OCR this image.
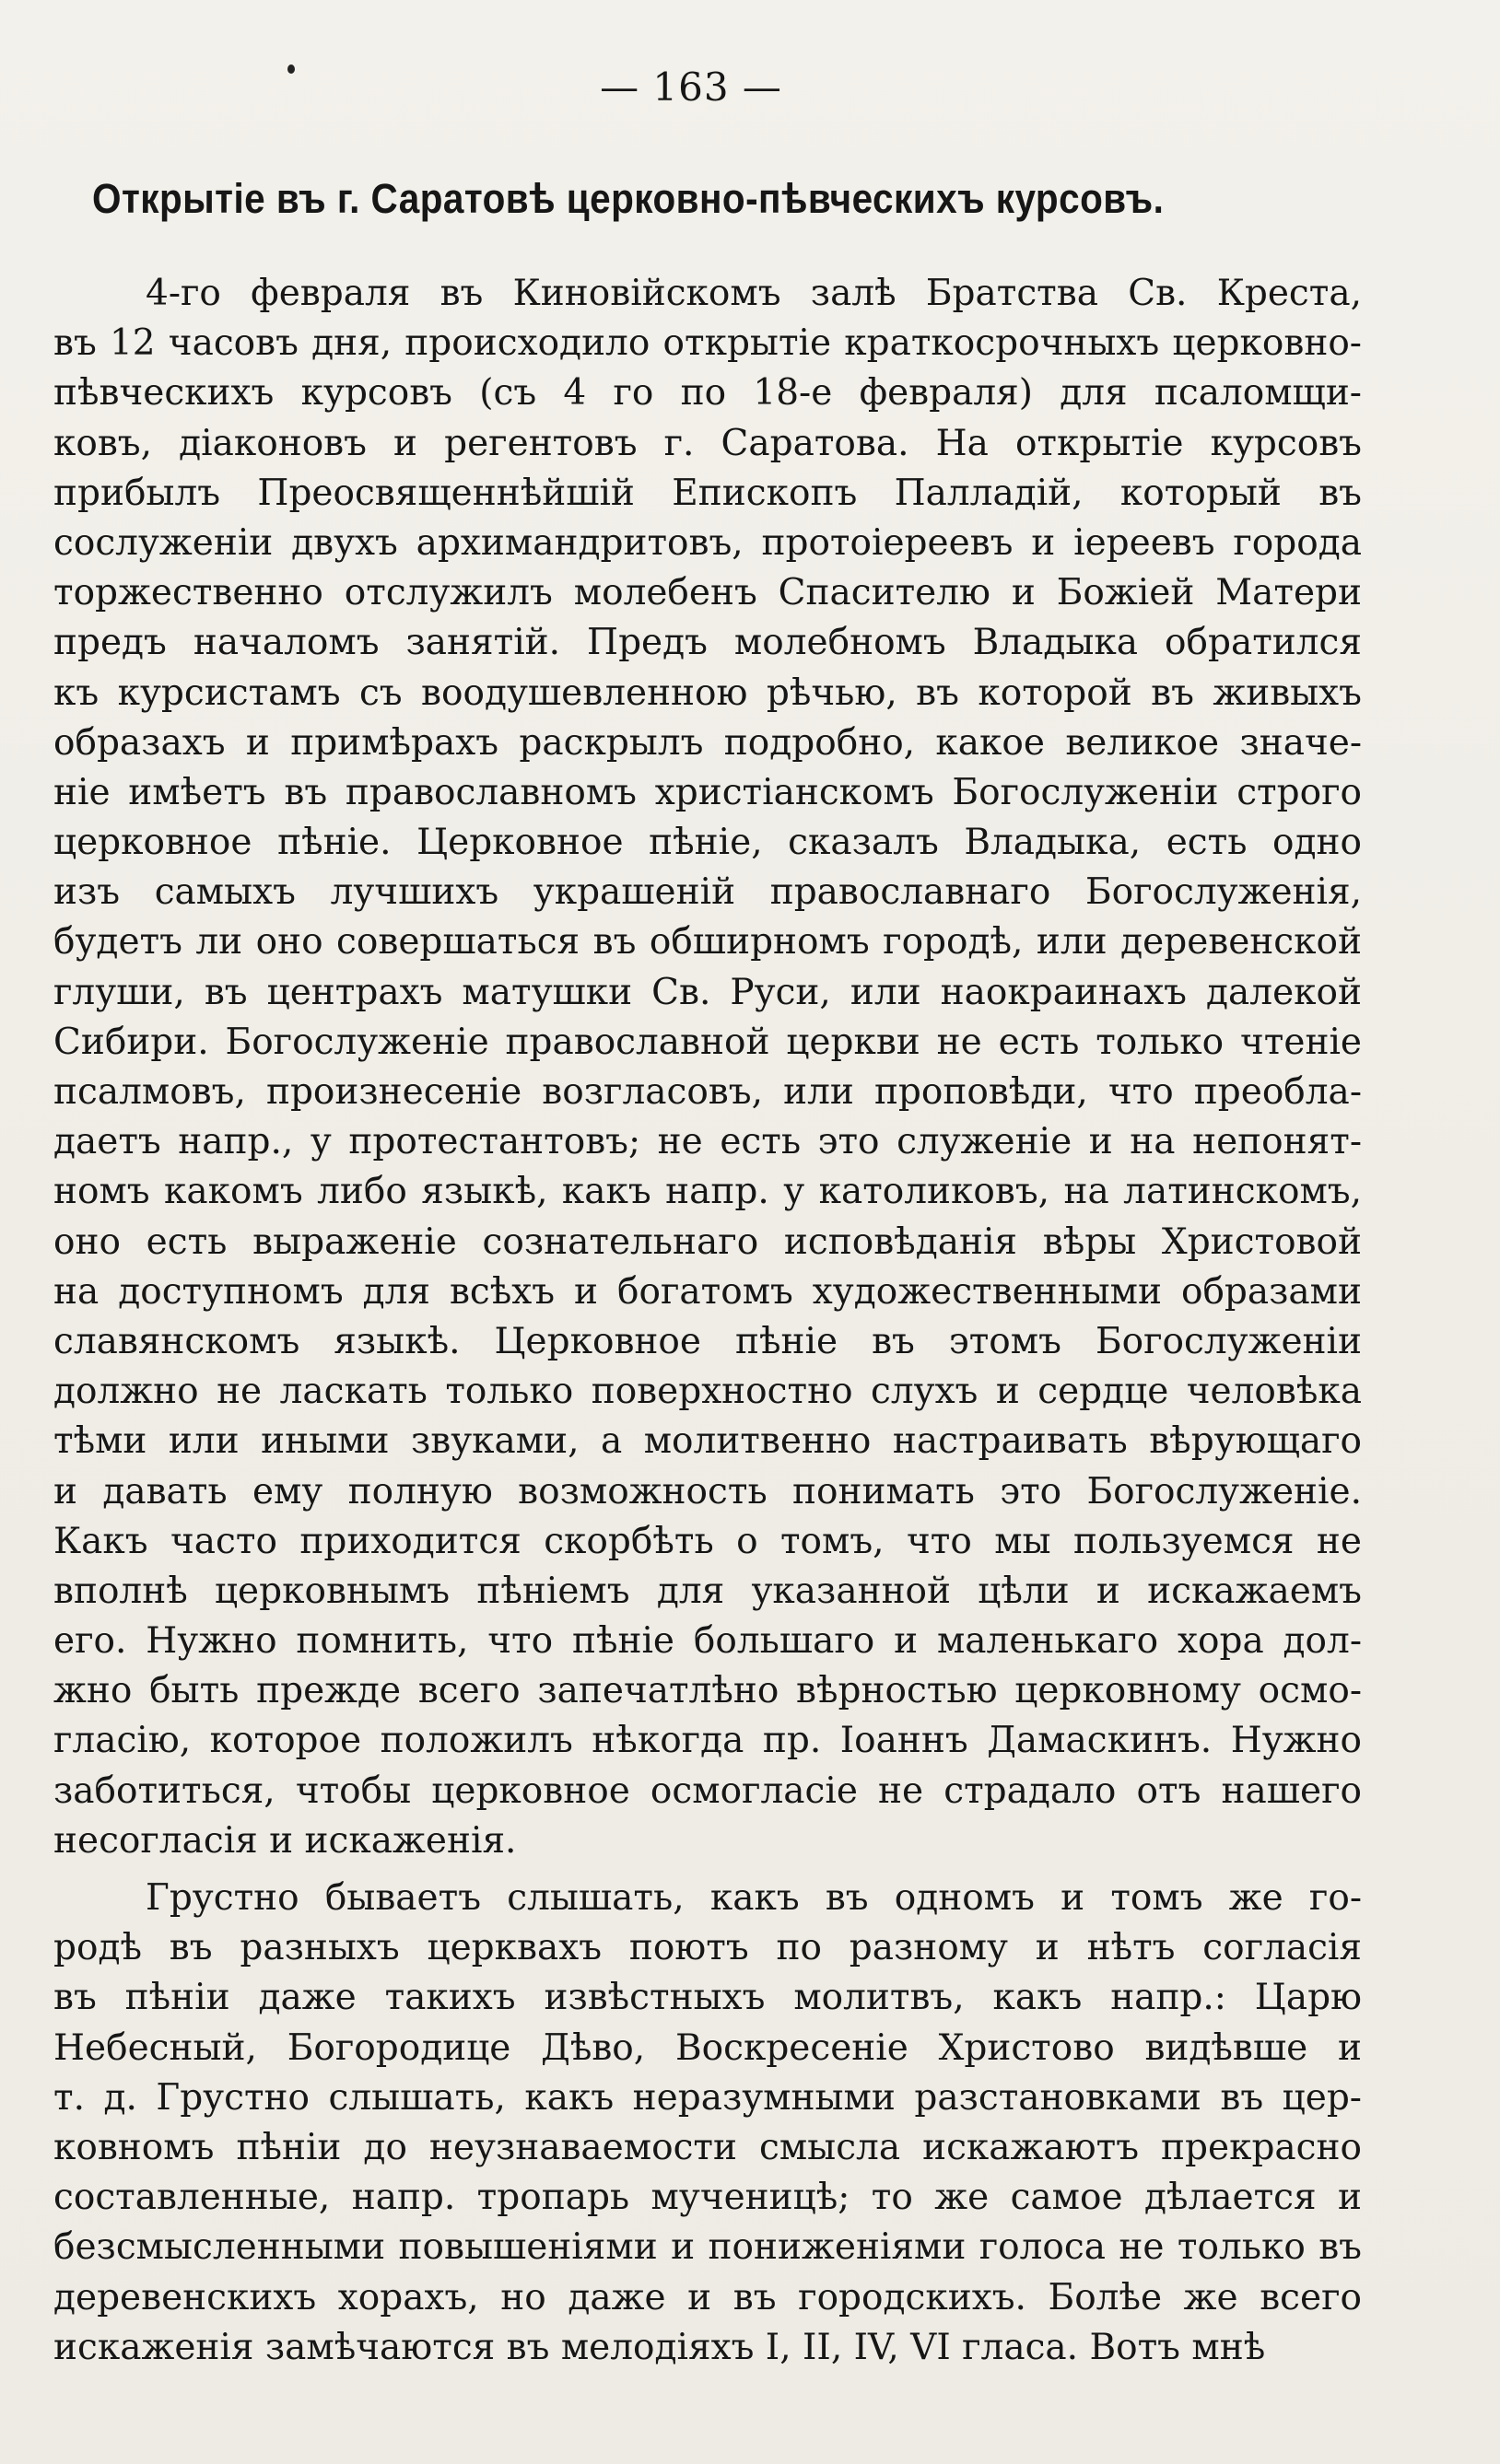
— 163 —
Открытіе въ г. Саратовѣ церковно-пѣвческихъ курсовъ.
4-го февраля въ Киновійскомъ залѣ Братства Св. Креста,
въ 12 часовъ дня, происходило открытіе краткосрочныхъ церковно-
пѣвческихъ курсовъ (съ 4 го по 18-е февраля) для псаломщи-
ковъ, діаконовъ и регентовъ г. Саратова. На открытіе курсовъ
прибылъ Преосвященнѣйшій Епископъ Палладій, который въ
сослуженіи двухъ архимандритовъ, протоіереевъ и іереевъ города
торжественно отслужилъ молебенъ Спасителю и Божіей Матери
предъ началомъ занятій. Предъ молебномъ Владыка обратился
къ курсистамъ съ воодушевленною рѣчью, въ которой въ живыхъ
образахъ и примѣрахъ раскрылъ подробно, какое великое значе-
ніе имѣетъ въ православномъ христіанскомъ Богослуженіи строго
церковное пѣніе. Церковное пѣніе, сказалъ Владыка, есть одно
изъ самыхъ лучшихъ украшеній православнаго Богослуженія,
будетъ ли оно совершаться въ обширномъ городѣ, или деревенской
глуши, въ центрахъ матушки Св. Руси, или наокраинахъ далекой
Сибири. Богослуженіе православной церкви не есть только чтеніе
псалмовъ, произнесеніе возгласовъ, или проповѣди, что преобла-
даетъ напр., у протестантовъ; не есть это служеніе и на непонят-
номъ какомъ либо языкѣ, какъ напр. у католиковъ, на латинскомъ,
оно есть выраженіе сознательнаго исповѣданія вѣры Христовой
на доступномъ для всѣхъ и богатомъ художественными образами
славянскомъ языкѣ. Церковное пѣніе въ этомъ Богослуженіи
должно не ласкать только поверхностно слухъ и сердце человѣка
тѣми или иными звуками, а молитвенно настраивать вѣрующаго
и давать ему полную возможность понимать это Богослуженіе.
Какъ часто приходится скорбѣть о томъ, что мы пользуемся не
вполнѣ церковнымъ пѣніемъ для указанной цѣли и искажаемъ
его. Нужно помнить, что пѣніе большаго и маленькаго хора дол-
жно быть прежде всего запечатлѣно вѣрностью церковному осмо-
гласію, которое положилъ нѣкогда пр. Іоаннъ Дамаскинъ. Нужно
заботиться, чтобы церковное осмогласіе не страдало отъ нашего
несогласія и искаженія.
Грустно бываетъ слышать, какъ въ одномъ и томъ же го-
родѣ въ разныхъ церквахъ поютъ по разному и нѣтъ согласія
въ пѣніи даже такихъ извѣстныхъ молитвъ, какъ напр.: Царю
Небесный, Богородице Дѣво, Воскресеніе Христово видѣвше и
т. д. Грустно слышать, какъ неразумными разстановками въ цер-
ковномъ пѣніи до неузнаваемости смысла искажаютъ прекрасно
составленные, напр. тропарь мученицѣ; то же самое дѣлается и
безсмысленными повышеніями и пониженіями голоса не только въ
деревенскихъ хорахъ, но даже и въ городскихъ. Болѣе же всего
искаженія замѣчаются въ мелодіяхъ I, II, IV, VI гласа. Вотъ мнѣ
